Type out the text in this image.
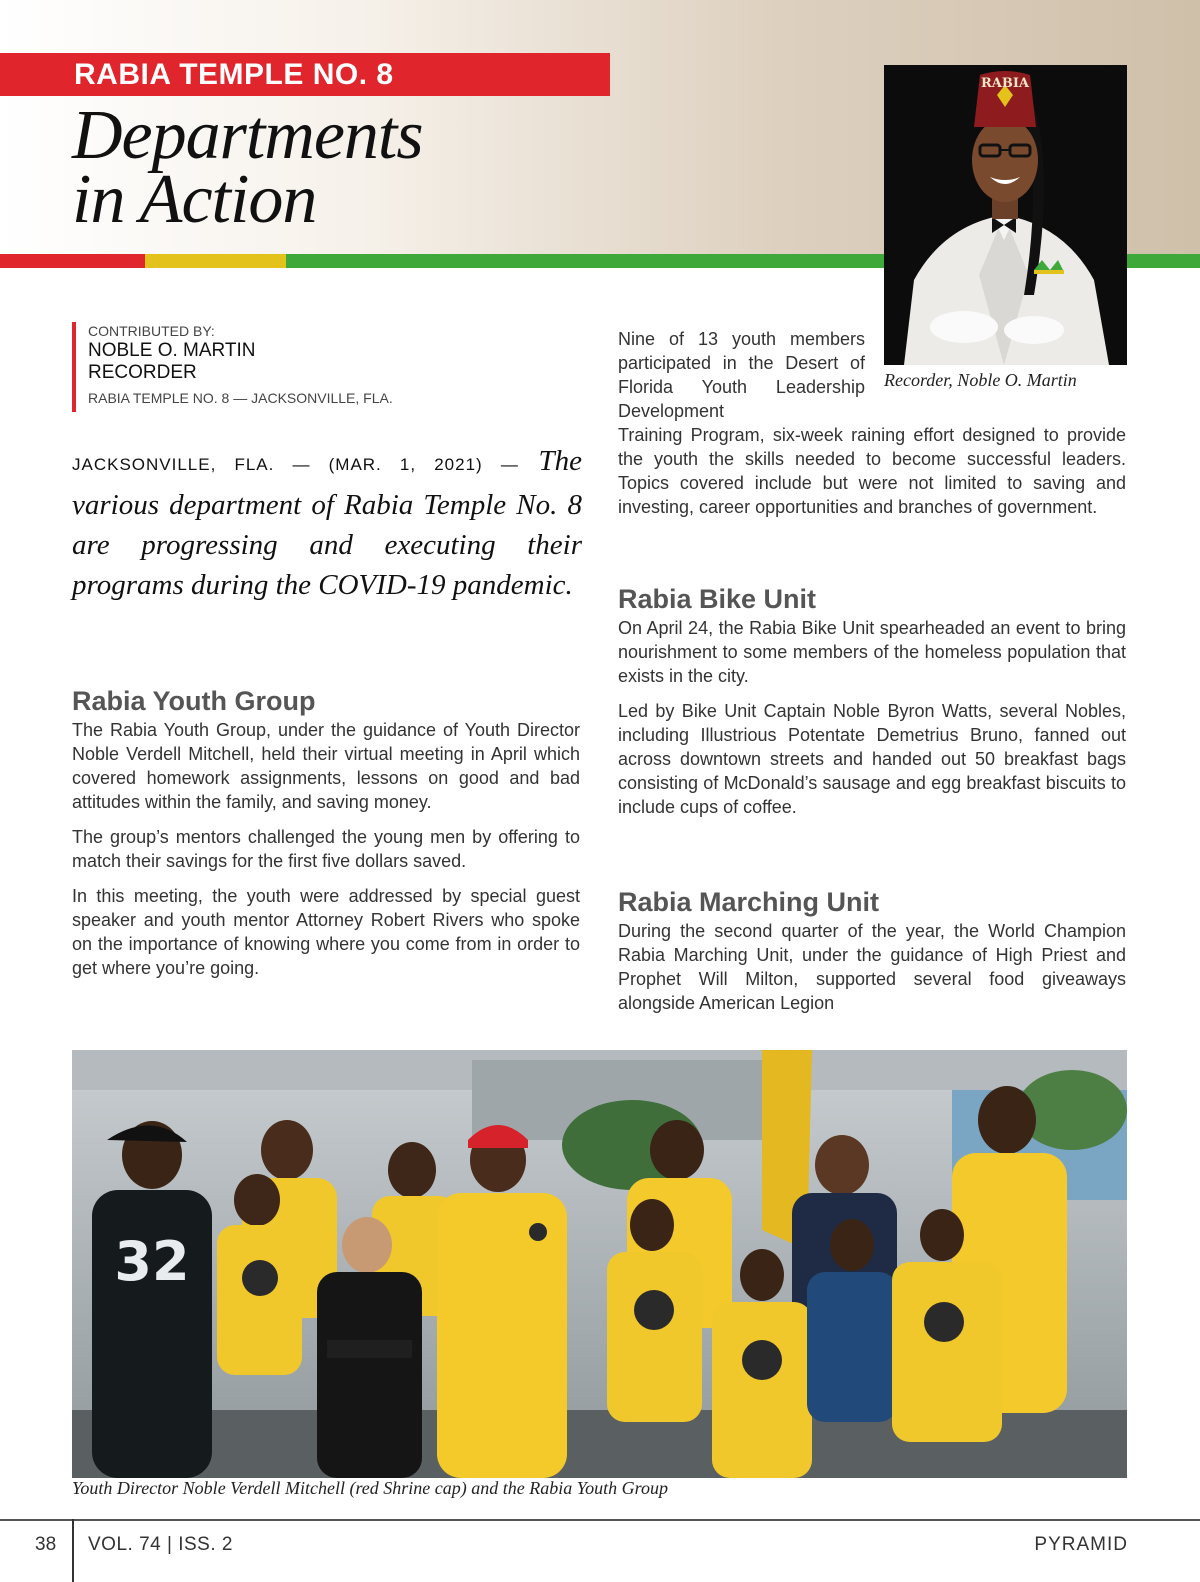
RABIA TEMPLE NO. 8
Departments
in Action
RABIA
Recorder, Noble O. Martin
CONTRIBUTED BY:
NOBLE O. MARTIN
RECORDER
RABIA TEMPLE NO. 8 — JACKSONVILLE, FLA.
JACKSONVILLE, FLA. — (MAR. 1, 2021) — The various department of Rabia Temple No. 8 are progressing and executing their programs during the COVID-19 pandemic.
Rabia Youth Group

The Rabia Youth Group, under the guidance of Youth Director Noble Verdell Mitchell, held their virtual meeting in April which covered homework assignments, lessons on good and bad attitudes within the family, and saving money.

The group’s mentors challenged the young men by offering to match their savings for the first five dollars saved.

In this meeting, the youth were addressed by special guest speaker and youth mentor Attorney Robert Rivers who spoke on the importance of knowing where you come from in order to get where you’re going.

Nine of 13 youth members participated in the Desert of Florida Youth Leadership Development
Training Program, six-week raining effort designed to provide the youth the skills needed to become successful leaders. Topics covered include but were not limited to saving and investing, career opportunities and branches of government.
Rabia Bike Unit

On April 24, the Rabia Bike Unit spearheaded an event to bring nourishment to some members of the homeless population that exists in the city.

Led by Bike Unit Captain Noble Byron Watts, several Nobles, including Illustrious Potentate Demetrius Bruno, fanned out across downtown streets and handed out 50 breakfast bags consisting of McDonald’s sausage and egg breakfast biscuits to include cups of coffee.

Rabia Marching Unit

During the second quarter of the year, the World Champion Rabia Marching Unit, under the guidance of High Priest and Prophet Will Milton, supported several food giveaways alongside American Legion

32
Youth Director Noble Verdell Mitchell (red Shrine cap) and the Rabia Youth Group
38 VOL. 74 | ISS. 2	PYRAMID
